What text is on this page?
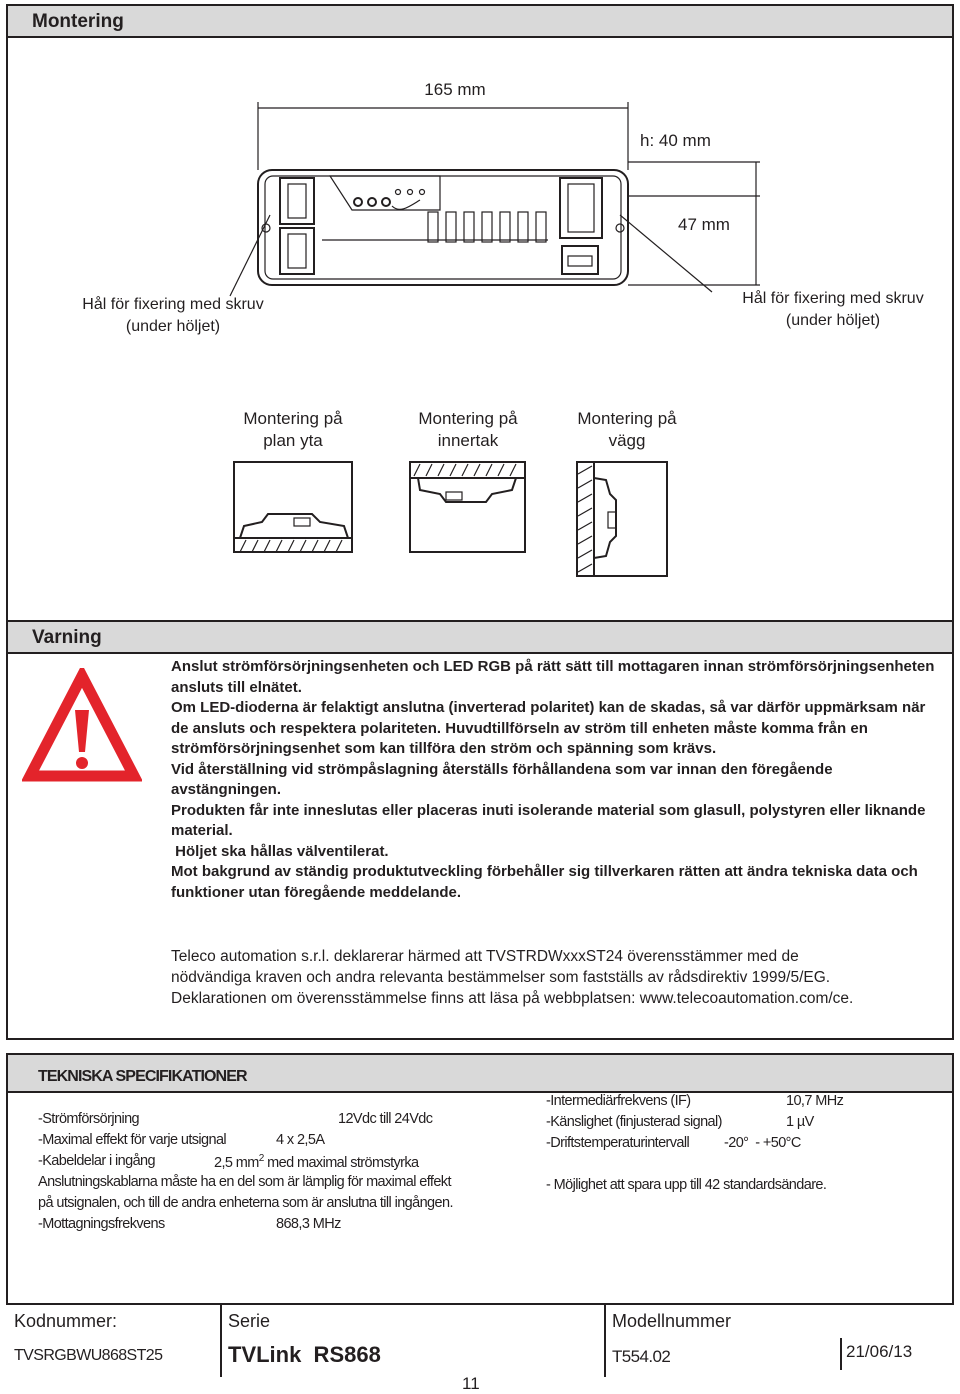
Montering
165 mm
h: 40 mm
47 mm
Hål för fixering med skruv
(under höljet)
Hål för fixering med skruv
(under höljet)
Montering på
plan yta
Montering på
innertak
Montering på
vägg
Varning

Anslut strömförsörjningsenheten och LED RGB på rätt sätt till mottagaren innan strömförsörjningsenheten ansluts till elnätet.

Om LED-dioderna är felaktigt anslutna (inverterad polaritet) kan de skadas, så var därför uppmärksam när de ansluts och respektera polariteten. Huvudtillförseln av ström till enheten måste komma från en strömförsörjningsenhet som kan tillföra den ström och spänning som krävs.

Vid återställning vid strömpåslagning återställs förhållandena som var innan den föregående avstängningen.

Produkten får inte inneslutas eller placeras inuti isolerande material som glasull, polystyren eller liknande material.

Höljet ska hållas välventilerat.

Mot bakgrund av ständig produktutveckling förbehåller sig tillverkaren rätten att ändra tekniska data och funktioner utan föregående meddelande.

Teleco automation s.r.l. deklarerar härmed att TVSTRDWxxxST24 överensstämmer med de
nödvändiga kraven och andra relevanta bestämmelser som fastställs av rådsdirektiv 1999/5/EG.
Deklarationen om överensstämmelse finns att läsa på webbplatsen: www.telecoautomation.com/ce.
TEKNISKA SPECIFIKATIONER
-Strömförsörjning	12Vdc till 24Vdc
-Maximal effekt för varje utsignal	4 x 2,5A
-Kabeldelar i ingång	2,5 $mm^2$ med maximal strömstyrka
Anslutningskablarna måste ha en del som är lämplig för maximal effekt
på utsignalen, och till de andra enheterna som är anslutna till ingången.
-Mottagningsfrekvens	868,3 MHz
-Intermediärfrekvens (IF)	10,7 MHz
-Känslighet (finjusterad signal)	1 µV
-Driftstemperaturintervall -20°  - +50°C
- Möjlighet att spara upp till 42 standardsändare.
Kodnummer:
TVSRGBWU868ST25
Serie
TVLink  RS868
Modellnummer
T554.02	21/06/13
11
